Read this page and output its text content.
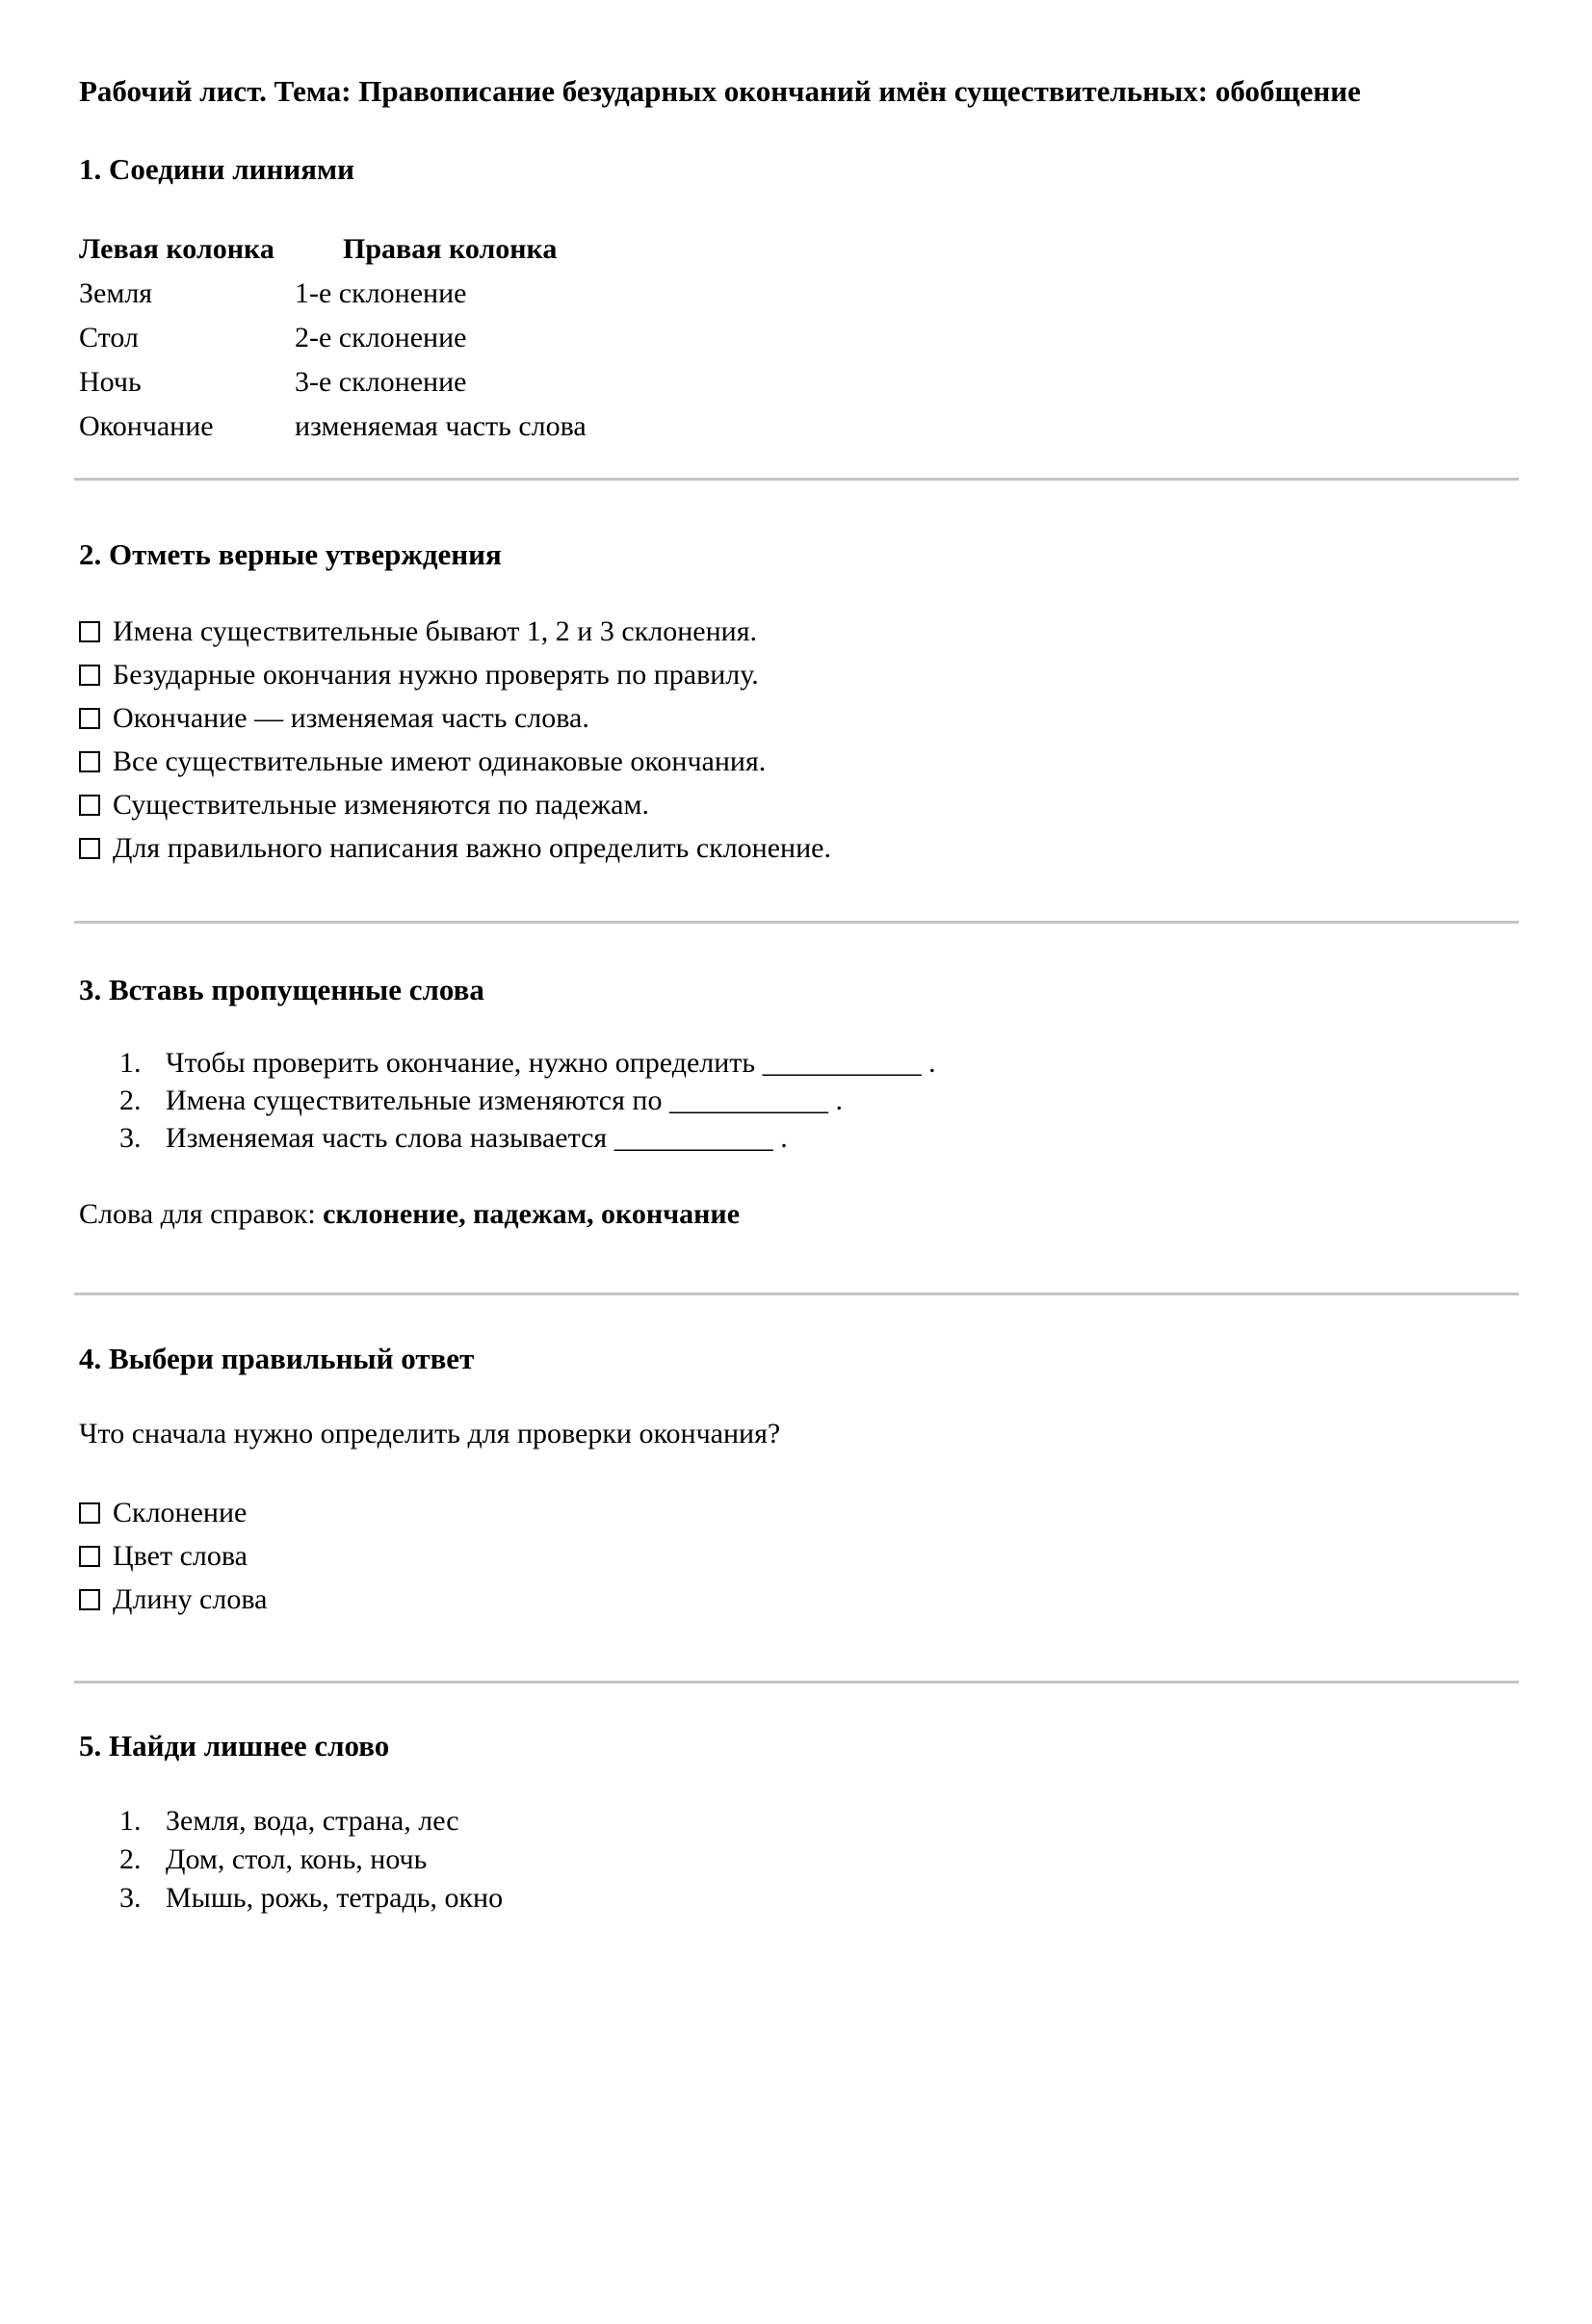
Рабочий лист. Тема: Правописание безударных окончаний имён существительных: обобщение
1. Соедини линиями
Левая колонка	Правая колонка
Земля	1-е склонение
Стол	2-е склонение
Ночь	3-е склонение
Окончание	изменяемая часть слова
2. Отметь верные утверждения
Имена существительные бывают 1, 2 и 3 склонения.
Безударные окончания нужно проверять по правилу.
Окончание — изменяемая часть слова.
Все существительные имеют одинаковые окончания.
Существительные изменяются по падежам.
Для правильного написания важно определить склонение.
3. Вставь пропущенные слова
1. Чтобы проверить окончание, нужно определить ___________ .
2. Имена существительные изменяются по ___________ .
3. Изменяемая часть слова называется ___________ .
Слова для справок: склонение, падежам, окончание
4. Выбери правильный ответ
Что сначала нужно определить для проверки окончания?
Склонение
Цвет слова
Длину слова
5. Найди лишнее слово
1. Земля, вода, страна, лес
2. Дом, стол, конь, ночь
3. Мышь, рожь, тетрадь, окно
